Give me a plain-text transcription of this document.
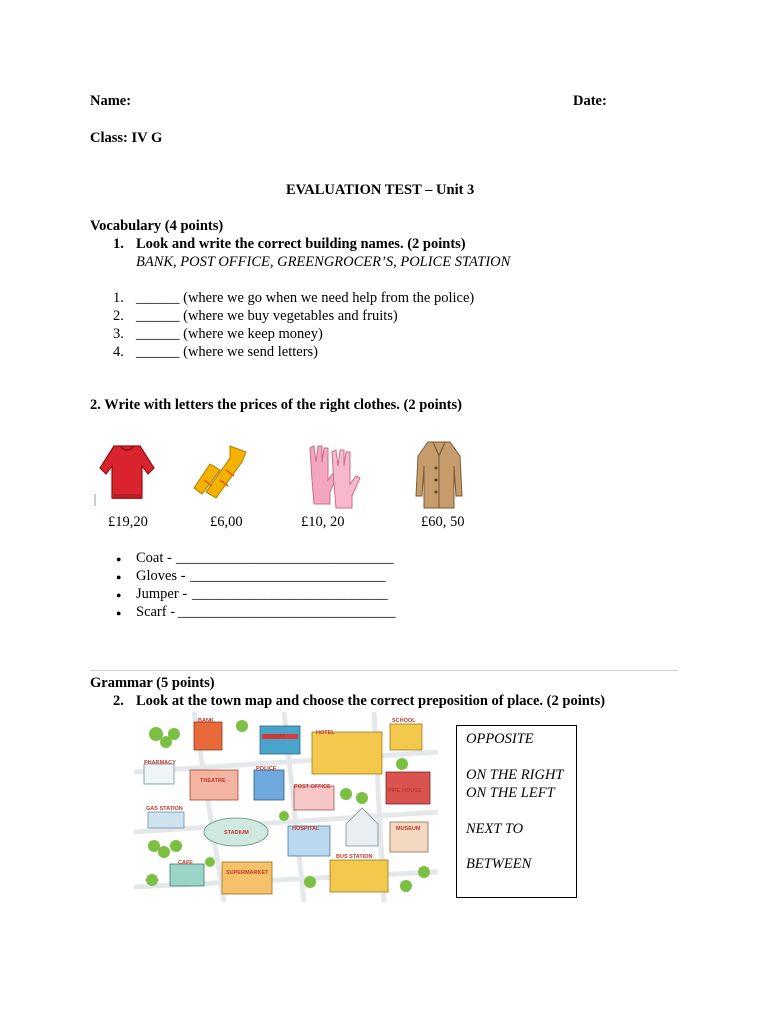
Name:	Date:
Class: IV G
EVALUATION TEST – Unit 3
Vocabulary (4 points)
1. Look and write the correct building names. (2 points)
BANK, POST OFFICE, GREENGROCER’S, POLICE STATION
1. ______ (where we go when we need help from the police)
2. ______ (where we buy vegetables and fruits)
3. ______ (where we keep money)
4. ______ (where we send letters)
2. Write with letters the prices of the right clothes. (2 points)
£19,20	£6,00	£10, 20	£60, 50
● Coat - ______________________________
● Gloves - ___________________________
● Jumper - ___________________________
● Scarf - ______________________________
Grammar (5 points)
2. Look at the town map and choose the correct preposition of place. (2 points)
BANK
CINEMA
HOTEL
SCHOOL
PHARMACY
THEATRE
POLICE
POST OFFICE
FIRE HOUSE
GAS STATION
STADIUM
HOSPITAL	MUSEUM
CAFE
SUPERMARKET
BUS STATION
OPPOSITE
ON THE RIGHT
ON THE LEFT
NEXT TO
BETWEEN
